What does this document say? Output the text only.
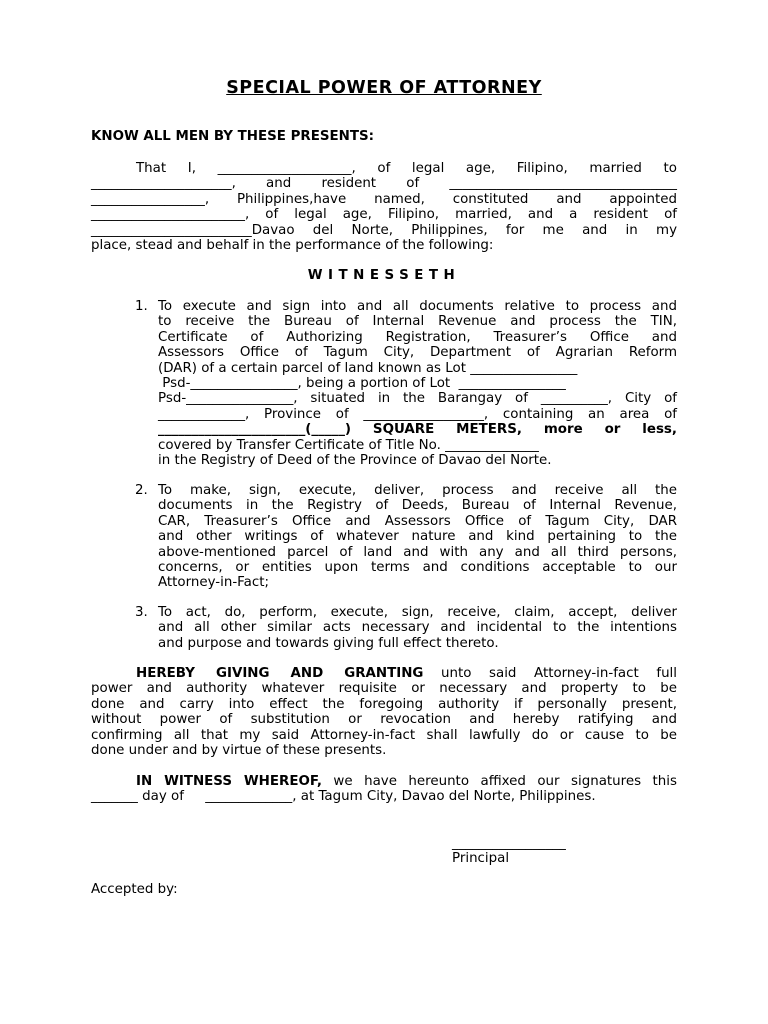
SPECIAL POWER OF ATTORNEY
KNOW ALL MEN BY THESE PRESENTS:
That I, ____________________, of legal age, Filipino, married to
_____________________, and resident of __________________________________
_________________, Philippines,have named, constituted and appointed
_______________________, of legal age, Filipino, married, and a resident of
________________________Davao del Norte, Philippines, for me and in my
place, stead and behalf in the performance of the following:
WITNESSETH
1. To execute and sign into and all documents relative to process and
to receive the Bureau of Internal Revenue and process the TIN,
Certificate of Authorizing Registration, Treasurer’s Office and
Assessors Office of Tagum City, Department of Agrarian Reform
(DAR) of a certain parcel of land known as Lot ________________
Psd-________________, being a portion of Lot  ________________
Psd-________________, situated in the Barangay of __________, City of
_____________, Province of __________________, containing an area of
______________________(_____) SQUARE METERS, more or less,
covered by Transfer Certificate of Title No. ______________
in the Registry of Deed of the Province of Davao del Norte.
2. To make, sign, execute, deliver, process and receive all the
documents in the Registry of Deeds, Bureau of Internal Revenue,
CAR, Treasurer’s Office and Assessors Office of Tagum City, DAR
and other writings of whatever nature and kind pertaining to the
above-mentioned parcel of land and with any and all third persons,
concerns, or entities upon terms and conditions acceptable to our
Attorney-in-Fact;
3. To act, do, perform, execute, sign, receive, claim, accept, deliver
and all other similar acts necessary and incidental to the intentions
and purpose and towards giving full effect thereto.
HEREBY GIVING AND GRANTING unto said Attorney-in-fact full
power and authority whatever requisite or necessary and property to be
done and carry into effect the foregoing authority if personally present,
without power of substitution or revocation and hereby ratifying and
confirming all that my said Attorney-in-fact shall lawfully do or cause to be
done under and by virtue of these presents.
IN WITNESS WHEREOF, we have hereunto affixed our signatures this
_______ day of     _____________, at Tagum City, Davao del Norte, Philippines.
_________________
Principal
Accepted by:
